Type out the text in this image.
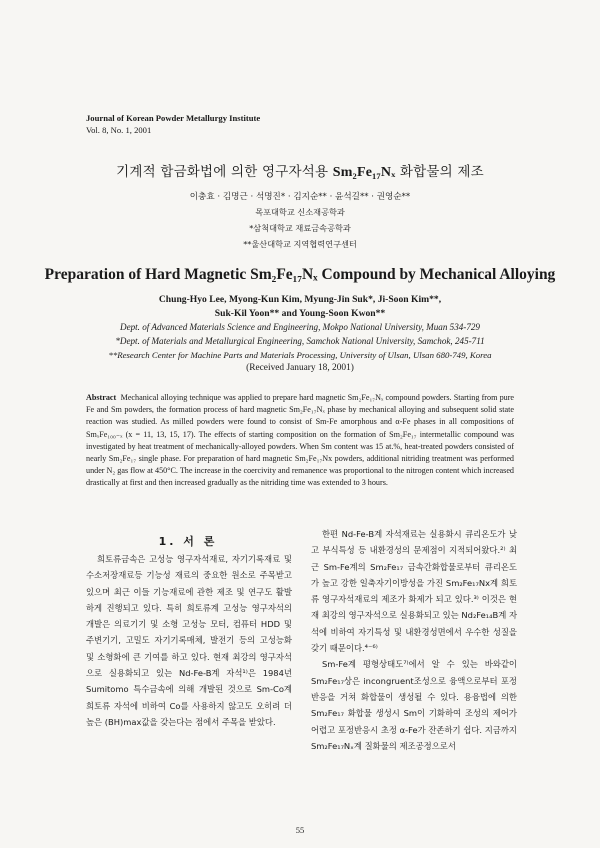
Journal of Korean Powder Metallurgy Institute
Vol. 8, No. 1, 2001
기계적 합금화법에 의한 영구자석용 Sm₂Fe₁₇Nₓ 화합물의 제조
이충효 · 김명근 · 석명진* · 김지순** · 윤석길** · 권영순**
목포대학교 신소재공학과
*삼척대학교 재료금속공학과
**울산대학교 지역협력연구센터
Preparation of Hard Magnetic Sm₂Fe₁₇Nₓ Compound by Mechanical Alloying
Chung-Hyo Lee, Myong-Kun Kim, Myung-Jin Suk*, Ji-Soon Kim**,
Suk-Kil Yoon** and Young-Soon Kwon**
Dept. of Advanced Materials Science and Engineering, Mokpo National University, Muan 534-729
*Dept. of Materials and Metallurgical Engineering, Samchok National University, Samchok, 245-711
**Research Center for Machine Parts and Materials Processing, University of Ulsan, Ulsan 680-749, Korea
(Received January 18, 2001)
Abstract Mechanical alloying technique was applied to prepare hard magnetic Sm₂Fe₁₇Nₓ compound powders. Starting from pure Fe and Sm powders, the formation process of hard magnetic Sm₂Fe₁₇Nₓ phase by mechanical alloying and subsequent solid state reaction was studied. As milled powders were found to consist of Sm-Fe amorphous and α-Fe phases in all compositions of SmₓFe₁₀₀₋ₓ (x = 11, 13, 15, 17). The effects of starting composition on the formation of Sm₂Fe₁₇ intermetallic compound was investigated by heat treatment of mechanically-alloyed powders. When Sm content was 15 at.%, heat-treated powders consisted of nearly Sm₂Fe₁₇ single phase. For preparation of hard magnetic Sm₂Fe₁₇Nx powders, additional nitriding treatment was performed under N₂ gas flow at 450°C. The increase in the coercivity and remanence was proportional to the nitrogen content which increased drastically at first and then increased gradually as the nitriding time was extended to 3 hours.
1. 서 론

희토류금속은 고성능 영구자석재료, 자기기록재료 및 수소저장재료등 기능성 재료의 중요한 원소로 주목받고 있으며 최근 이들 기능재료에 관한 제조 및 연구도 활발하게 진행되고 있다. 특히 희토류계 고성능 영구자석의 개발은 의료기기 및 소형 고성능 모터, 컴퓨터 HDD 및 주변기기, 고밀도 자기기록매체, 발전기 등의 고성능화 및 소형화에 큰 기여를 하고 있다. 현재 최강의 영구자석으로 실용화되고 있는 Nd-Fe-B계 자석¹⁾은 1984년 Sumitomo 특수금속에 의해 개발된 것으로 Sm-Co계 희토류 자석에 비하여 Co를 사용하지 않고도 오히려 더 높은 (BH)max값을 갖는다는 점에서 주목을 받았다.

한편 Nd-Fe-B계 자석재료는 실용화시 큐리온도가 낮고 부식특성 등 내환경성의 문제점이 지적되어왔다.²⁾ 최근 Sm-Fe계의 Sm₂Fe₁₇ 금속간화합물로부터 큐리온도가 높고 강한 일축자기이방성을 가진 Sm₂Fe₁₇Nx계 희토류 영구자석재료의 제조가 화제가 되고 있다.³⁾ 이것은 현재 최강의 영구자석으로 실용화되고 있는 Nd₂Fe₁₄B계 자석에 비하여 자기특성 및 내환경성면에서 우수한 성질을 갖기 때문이다.⁴⁻⁶⁾

Sm-Fe계 평형상태도⁷⁾에서 알 수 있는 바와같이 Sm₂Fe₁₇상은 incongruent조성으로 융액으로부터 포정반응을 거쳐 화합물이 생성될 수 있다. 용융법에 의한 Sm₂Fe₁₇ 화합물 생성시 Sm이 기화하여 조성의 제어가 어렵고 포정반응시 초정 α-Fe가 잔존하기 쉽다. 지금까지 Sm₂Fe₁₇Nₓ계 질화물의 제조공정으로서

55
